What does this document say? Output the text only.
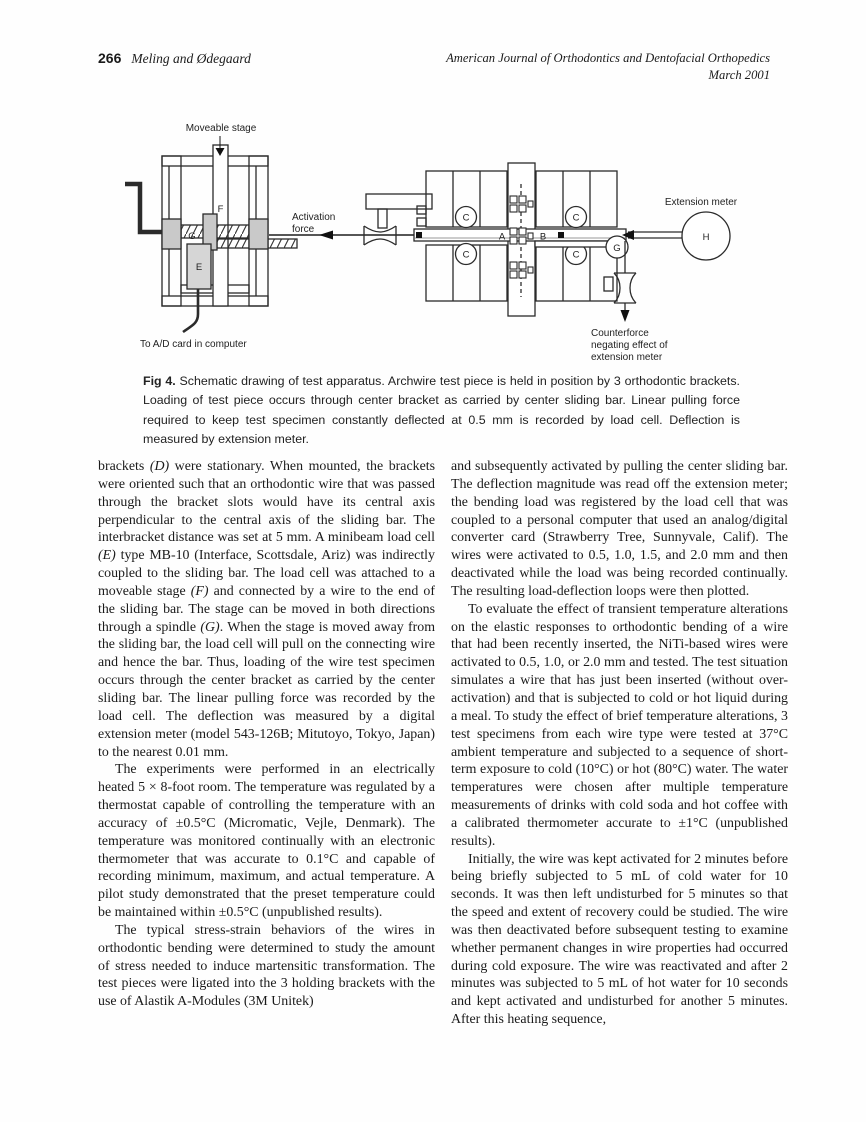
266 Meling and Ødegaard	American Journal of Orthodontics and Dentofacial Orthopedics
March 2001
Moveable stage
F
G
E
To A/D card in computer
Activation
force
A	B
C	C
C	C
G
H
Extension meter
Counterforce
negating effect of
extension meter
Fig 4. Schematic drawing of test apparatus. Archwire test piece is held in position by 3 orthodontic brackets. Loading of test piece occurs through center bracket as carried by center sliding bar. Linear pulling force required to keep test specimen constantly deflected at 0.5 mm is recorded by load cell. Deflection is measured by extension meter.

brackets (D) were stationary. When mounted, the brackets were oriented such that an orthodontic wire that was passed through the bracket slots would have its central axis perpendicular to the central axis of the sliding bar. The interbracket distance was set at 5 mm. A minibeam load cell (E) type MB-10 (Interface, Scottsdale, Ariz) was indirectly coupled to the sliding bar. The load cell was attached to a moveable stage (F) and connected by a wire to the end of the sliding bar. The stage can be moved in both directions through a spindle (G). When the stage is moved away from the sliding bar, the load cell will pull on the connecting wire and hence the bar. Thus, loading of the wire test specimen occurs through the center bracket as carried by the center sliding bar. The linear pulling force was recorded by the load cell. The deflection was measured by a digital extension meter (model 543-126B; Mitutoyo, Tokyo, Japan) to the nearest 0.01 mm.

The experiments were performed in an electrically heated 5 × 8-foot room. The temperature was regulated by a thermostat capable of controlling the temperature with an accuracy of ±0.5°C (Micromatic, Vejle, Denmark). The temperature was monitored continually with an electronic thermometer that was accurate to 0.1°C and capable of recording minimum, maximum, and actual temperature. A pilot study demonstrated that the preset temperature could be maintained within ±0.5°C (unpublished results).

The typical stress-strain behaviors of the wires in orthodontic bending were determined to study the amount of stress needed to induce martensitic transformation. The test pieces were ligated into the 3 holding brackets with the use of Alastik A-Modules (3M Unitek)

and subsequently activated by pulling the center sliding bar. The deflection magnitude was read off the extension meter; the bending load was registered by the load cell that was coupled to a personal computer that used an analog/digital converter card (Strawberry Tree, Sunnyvale, Calif). The wires were activated to 0.5, 1.0, 1.5, and 2.0 mm and then deactivated while the load was being recorded continually. The resulting load-deflection loops were then plotted.

To evaluate the effect of transient temperature alterations on the elastic responses to orthodontic bending of a wire that had been recently inserted, the NiTi-based wires were activated to 0.5, 1.0, or 2.0 mm and tested. The test situation simulates a wire that has just been inserted (without over-activation) and that is subjected to cold or hot liquid during a meal. To study the effect of brief temperature alterations, 3 test specimens from each wire type were tested at 37°C ambient temperature and subjected to a sequence of short-term exposure to cold (10°C) or hot (80°C) water. The water temperatures were chosen after multiple temperature measurements of drinks with cold soda and hot coffee with a calibrated thermometer accurate to ±1°C (unpublished results).

Initially, the wire was kept activated for 2 minutes before being briefly subjected to 5 mL of cold water for 10 seconds. It was then left undisturbed for 5 minutes so that the speed and extent of recovery could be studied. The wire was then deactivated before subsequent testing to examine whether permanent changes in wire properties had occurred during cold exposure. The wire was reactivated and after 2 minutes was subjected to 5 mL of hot water for 10 seconds and kept activated and undisturbed for another 5 minutes. After this heating sequence,
